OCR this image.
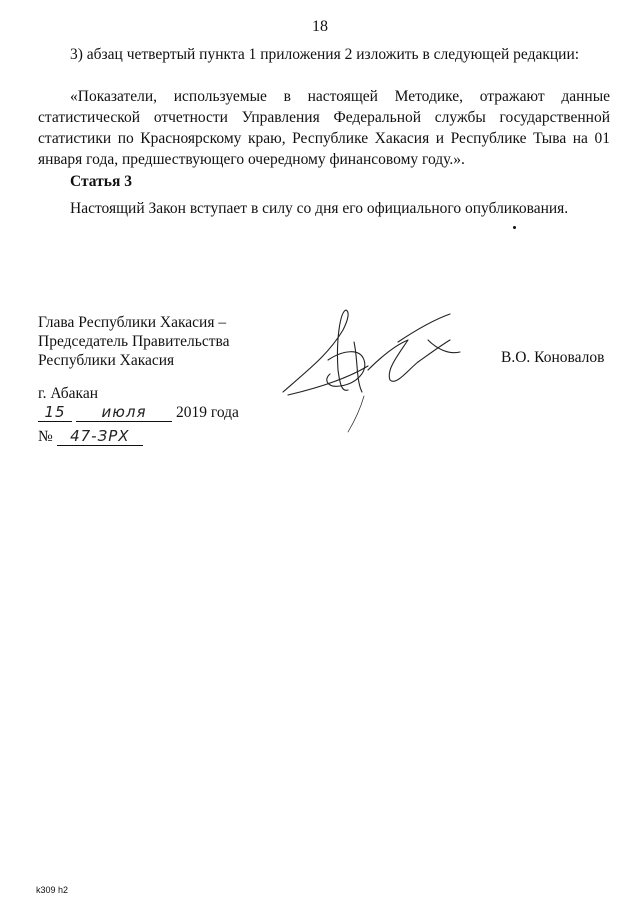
18
3) абзац четвертый пункта 1 приложения 2 изложить в следующей редакции:
«Показатели, используемые в настоящей Методике, отражают данные статистической отчетности Управления Федеральной службы государственной статистики по Красноярскому краю, Республике Хакасия и Республике Тыва на 01 января года, предшествующего очередному финансовому году.».
Статья 3
Настоящий Закон вступает в силу со дня его официального опубликования.
Глава Республики Хакасия –
Председатель Правительства
Республики Хакасия	В.О. Коновалов
г. Абакан
15	июля	2019 года
№	47-ЗРХ
k309 h2
